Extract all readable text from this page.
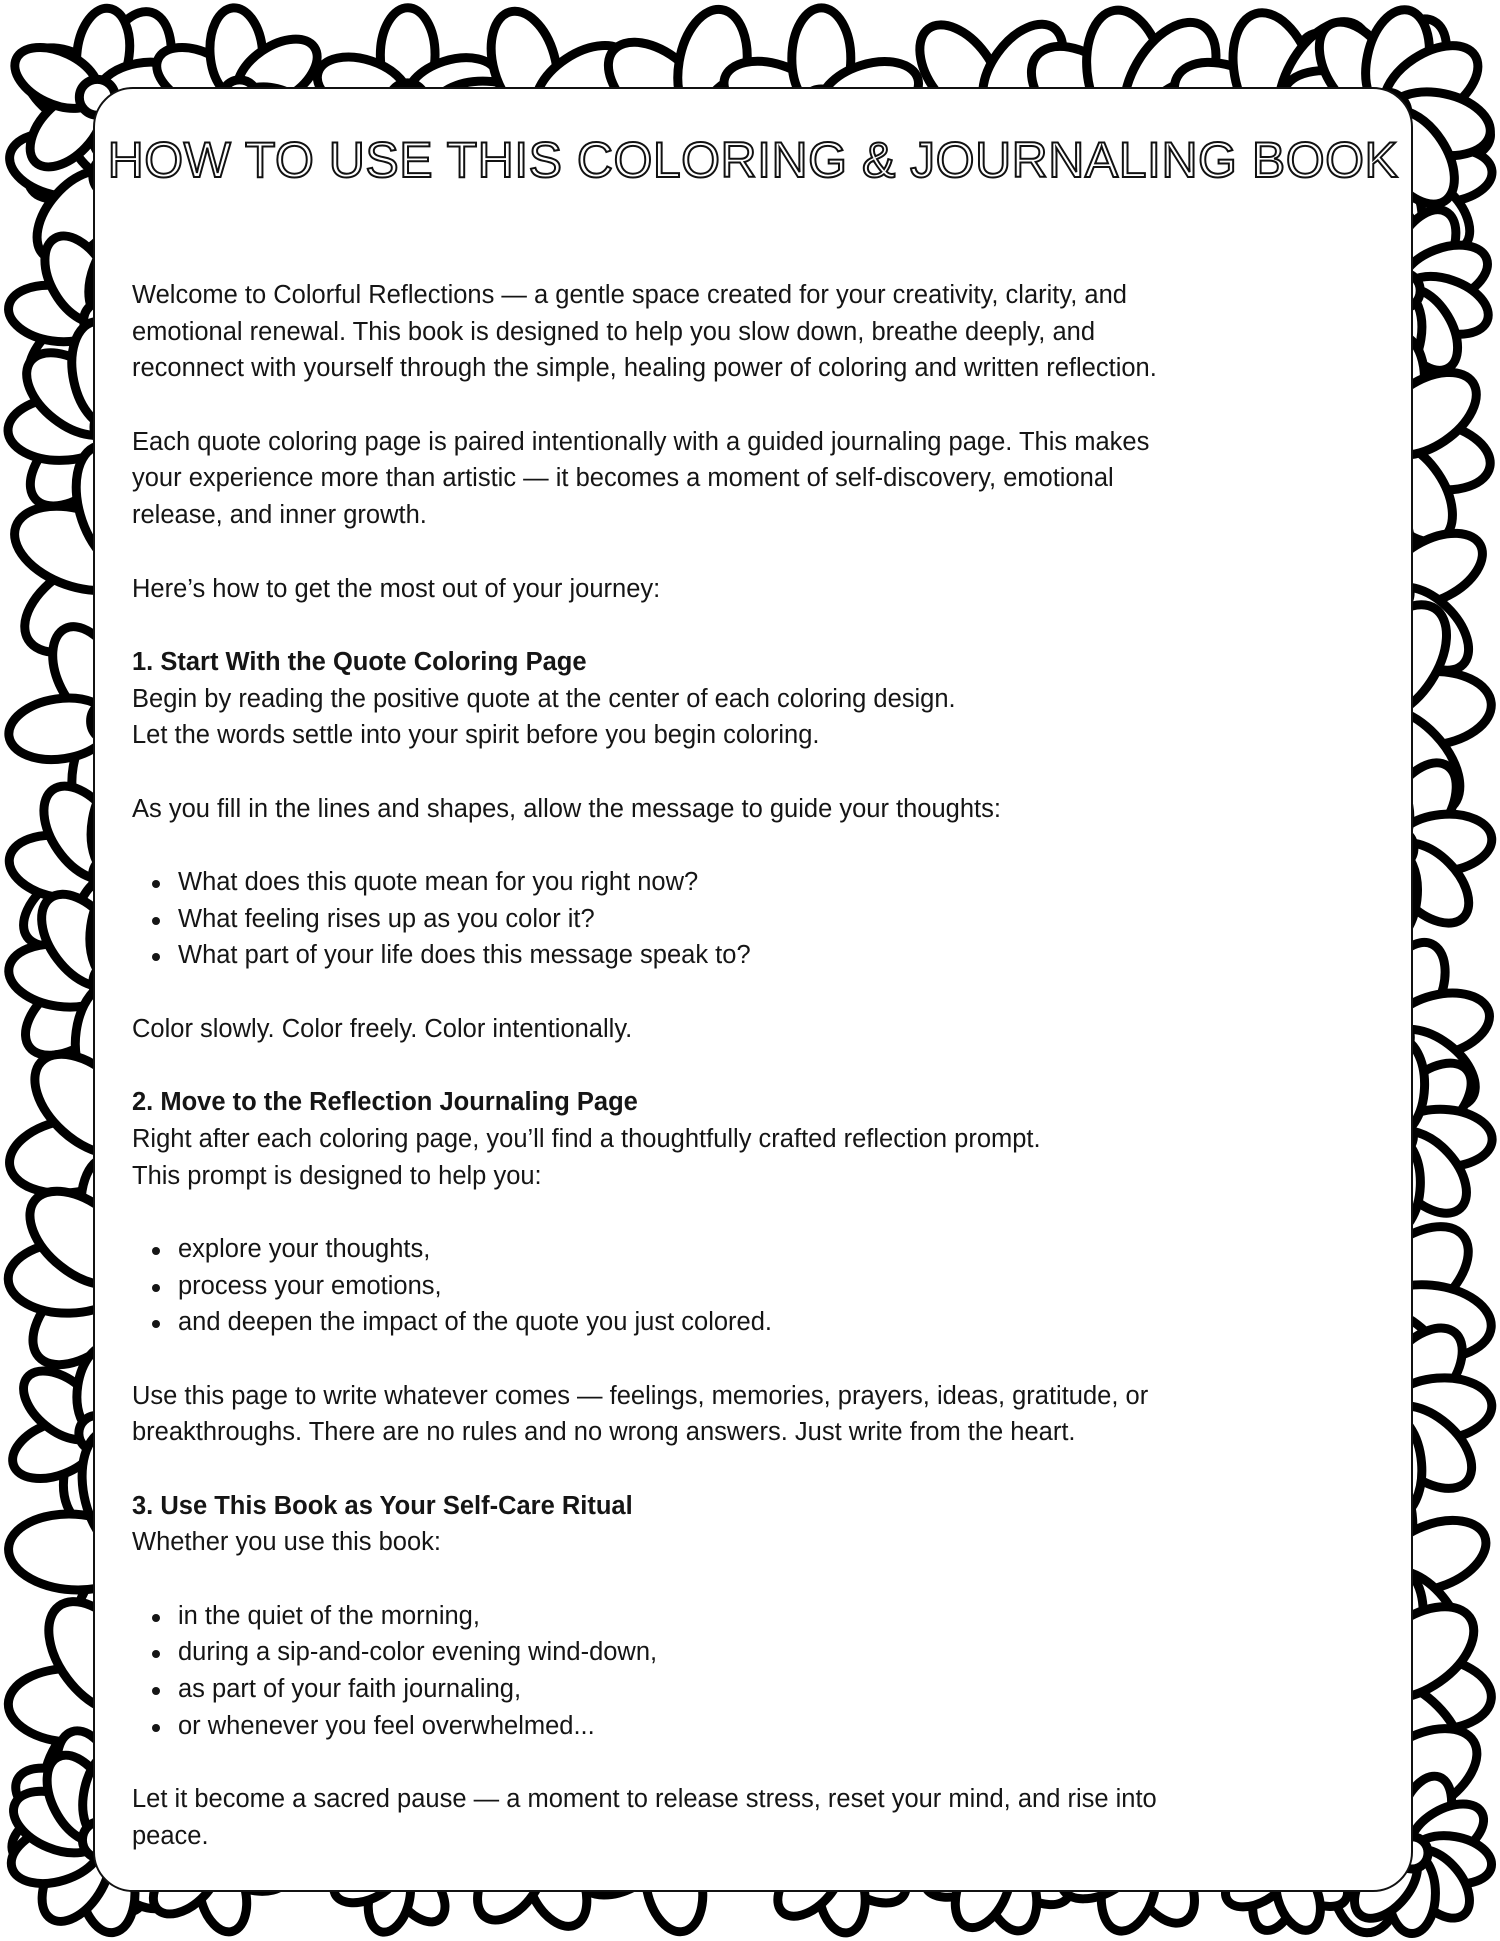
HOW TO USE THIS COLORING & JOURNALING BOOK
Welcome to Colorful Reflections — a gentle space created for your creativity, clarity, and
emotional renewal. This book is designed to help you slow down, breathe deeply, and
reconnect with yourself through the simple, healing power of coloring and written reflection.
Each quote coloring page is paired intentionally with a guided journaling page. This makes
your experience more than artistic — it becomes a moment of self-discovery, emotional
release, and inner growth.
Here’s how to get the most out of your journey:
1. Start With the Quote Coloring Page
Begin by reading the positive quote at the center of each coloring design.
Let the words settle into your spirit before you begin coloring.
As you fill in the lines and shapes, allow the message to guide your thoughts:
What does this quote mean for you right now?
What feeling rises up as you color it?
What part of your life does this message speak to?
Color slowly. Color freely. Color intentionally.
2. Move to the Reflection Journaling Page
Right after each coloring page, you’ll find a thoughtfully crafted reflection prompt.
This prompt is designed to help you:
explore your thoughts,
process your emotions,
and deepen the impact of the quote you just colored.
Use this page to write whatever comes — feelings, memories, prayers, ideas, gratitude, or
breakthroughs. There are no rules and no wrong answers. Just write from the heart.
3. Use This Book as Your Self-Care Ritual
Whether you use this book:
in the quiet of the morning,
during a sip-and-color evening wind-down,
as part of your faith journaling,
or whenever you feel overwhelmed...
Let it become a sacred pause — a moment to release stress, reset your mind, and rise into
peace.
